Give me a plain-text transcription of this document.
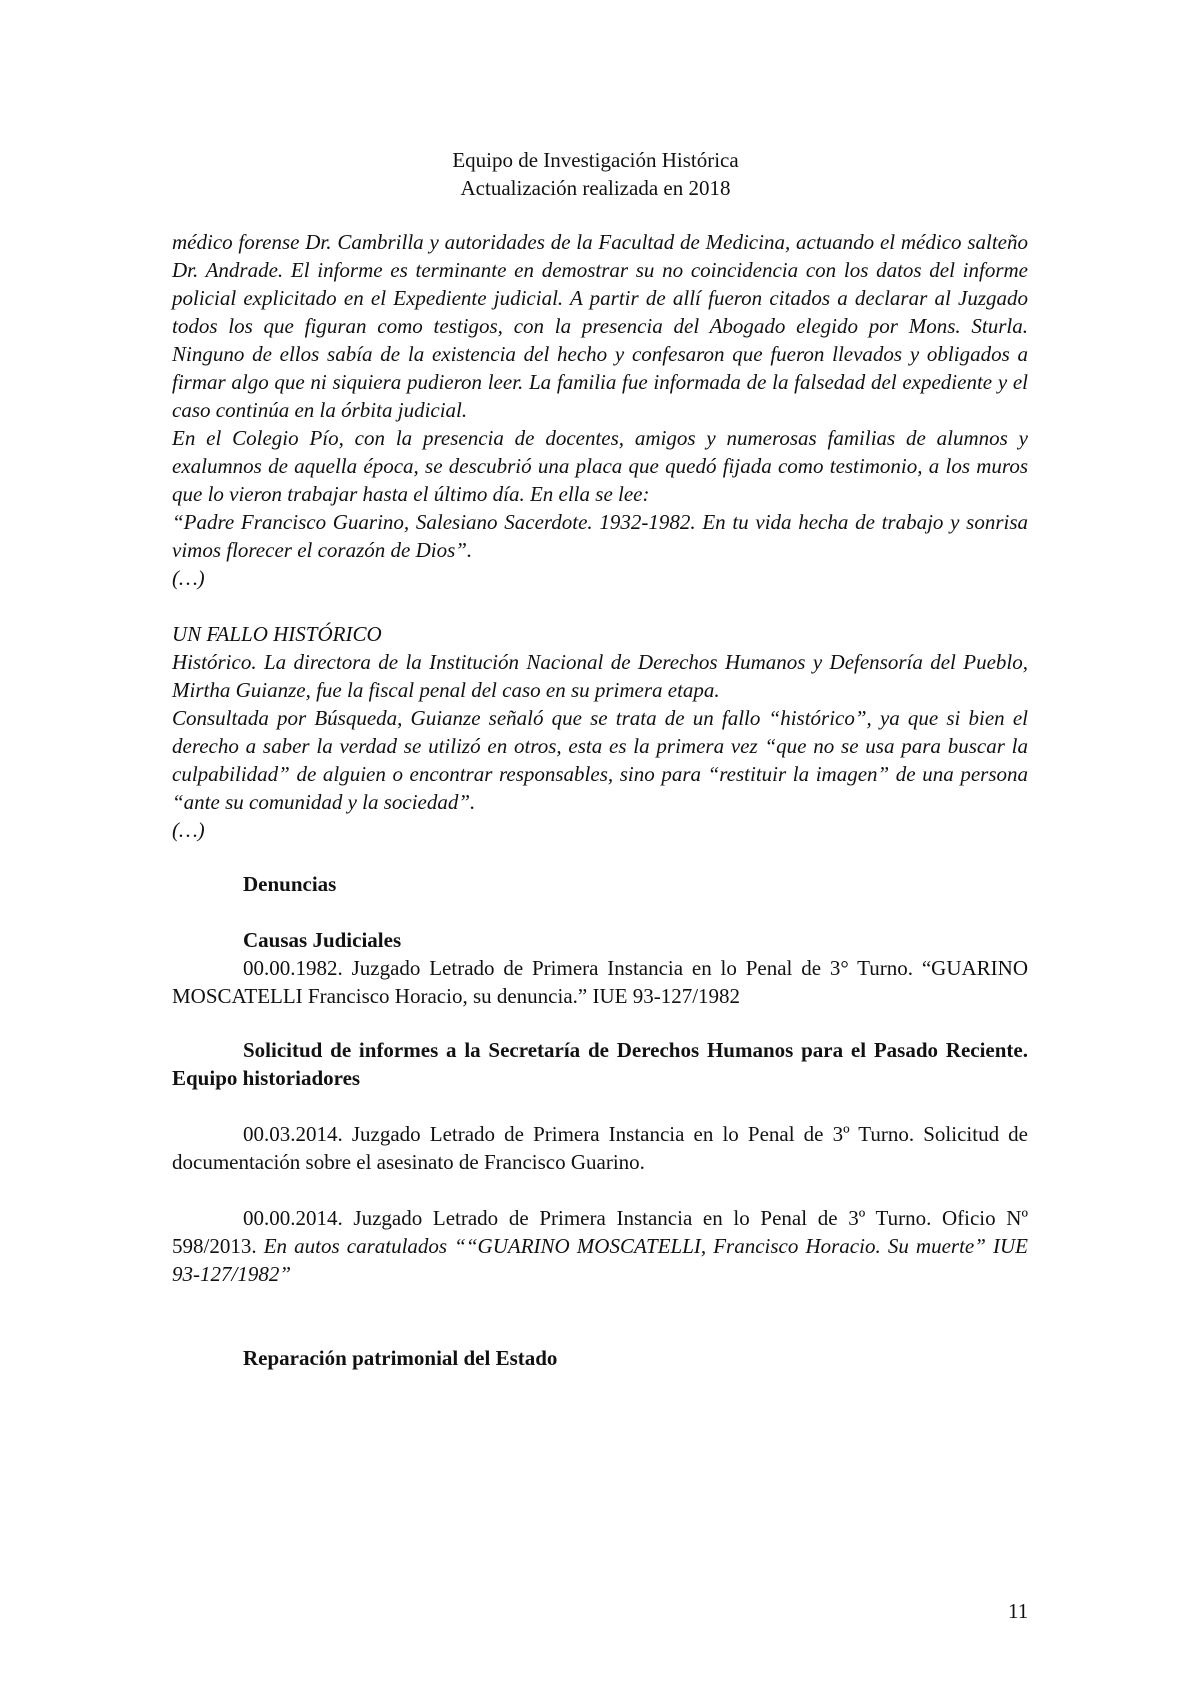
Equipo de Investigación Histórica
Actualización realizada en 2018

médico forense Dr. Cambrilla y autoridades de la Facultad de Medicina, actuando el médico salteño Dr. Andrade. El informe es terminante en demostrar su no coincidencia con los datos del informe policial explicitado en el Expediente judicial. A partir de allí fueron citados a declarar al Juzgado todos los que figuran como testigos, con la presencia del Abogado elegido por Mons. Sturla. Ninguno de ellos sabía de la existencia del hecho y confesaron que fueron llevados y obligados a firmar algo que ni siquiera pudieron leer. La familia fue informada de la falsedad del expediente y el caso continúa en la órbita judicial.

En el Colegio Pío, con la presencia de docentes, amigos y numerosas familias de alumnos y exalumnos de aquella época, se descubrió una placa que quedó fijada como testimonio, a los muros que lo vieron trabajar hasta el último día. En ella se lee:

“Padre Francisco Guarino, Salesiano Sacerdote. 1932-1982. En tu vida hecha de trabajo y sonrisa vimos florecer el corazón de Dios”.

(…)

UN FALLO HISTÓRICO

Histórico. La directora de la Institución Nacional de Derechos Humanos y Defensoría del Pueblo, Mirtha Guianze, fue la fiscal penal del caso en su primera etapa.

Consultada por Búsqueda, Guianze señaló que se trata de un fallo “histórico”, ya que si bien el derecho a saber la verdad se utilizó en otros, esta es la primera vez “que no se usa para buscar la culpabilidad” de alguien o encontrar responsables, sino para “restituir la imagen” de una persona “ante su comunidad y la sociedad”.

(…)

Denuncias

Causas Judiciales

00.00.1982. Juzgado Letrado de Primera Instancia en lo Penal de 3° Turno. “GUARINO MOSCATELLI Francisco Horacio, su denuncia.” IUE 93-127/1982

Solicitud de informes a la Secretaría de Derechos Humanos para el Pasado Reciente. Equipo historiadores

00.03.2014. Juzgado Letrado de Primera Instancia en lo Penal de 3º Turno. Solicitud de documentación sobre el asesinato de Francisco Guarino.

00.00.2014. Juzgado Letrado de Primera Instancia en lo Penal de 3º Turno. Oficio Nº 598/2013. En autos caratulados ““GUARINO MOSCATELLI, Francisco Horacio. Su muerte” IUE 93-127/1982”

Reparación patrimonial del Estado

11
